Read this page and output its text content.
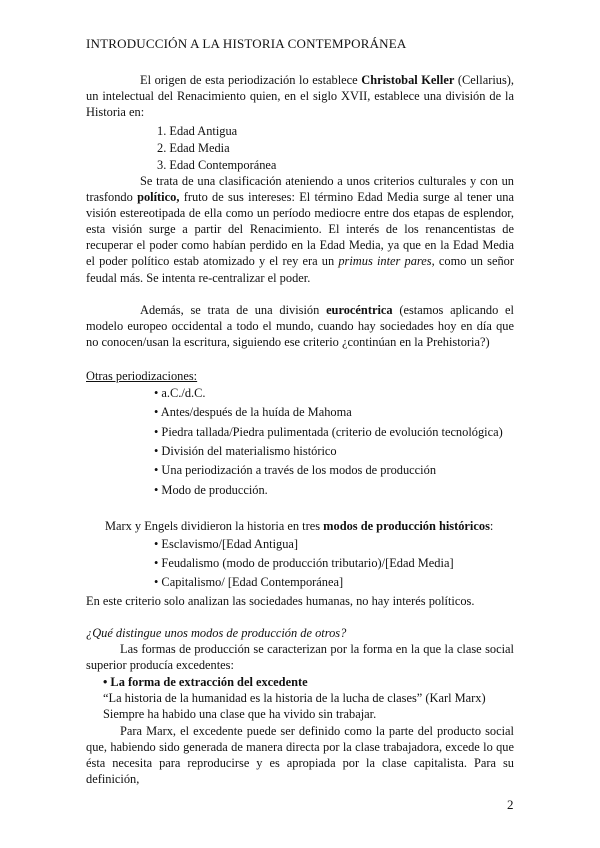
INTRODUCCIÓN A LA HISTORIA CONTEMPORÁNEA
El origen de esta periodización lo establece Christobal Keller (Cellarius), un intelectual del Renacimiento quien, en el siglo XVII, establece una división de la Historia en:
1. Edad Antigua
2. Edad Media
3. Edad Contemporánea
Se trata de una clasificación ateniendo a unos criterios culturales y con un trasfondo político, fruto de sus intereses: El término Edad Media surge al tener una visión estereotipada de ella como un período mediocre entre dos etapas de esplendor, esta visión surge a partir del Renacimiento. El interés de los renancentistas de recuperar el poder como habían perdido en la Edad Media, ya que en la Edad Media el poder político estab atomizado y el rey era un primus inter pares, como un señor feudal más. Se intenta re-centralizar el poder.
Además, se trata de una división eurocéntrica (estamos aplicando el modelo europeo occidental a todo el mundo, cuando hay sociedades hoy en día que no conocen/usan la escritura, siguiendo ese criterio ¿continúan en la Prehistoria?)
Otras periodizaciones:
• a.C./d.C.
• Antes/después de la huída de Mahoma
• Piedra tallada/Piedra pulimentada (criterio de evolución tecnológica)
• División del materialismo histórico
• Una periodización a través de los modos de producción
• Modo de producción.
Marx y Engels dividieron la historia en tres modos de producción históricos:
• Esclavismo/[Edad Antigua]
• Feudalismo (modo de producción tributario)/[Edad Media]
• Capitalismo/ [Edad Contemporánea]
En este criterio solo analizan las sociedades humanas, no hay interés políticos.
¿Qué distingue unos modos de producción de otros?
Las formas de producción se caracterizan por la forma en la que la clase social superior producía excedentes:
• La forma de extracción del excedente
“La historia de la humanidad es la historia de la lucha de clases” (Karl Marx)
Siempre ha habido una clase que ha vivido sin trabajar.
Para Marx, el excedente puede ser definido como la parte del producto social que, habiendo sido generada de manera directa por la clase trabajadora, excede lo que ésta necesita para reproducirse y es apropiada por la clase capitalista. Para su definición,
2
